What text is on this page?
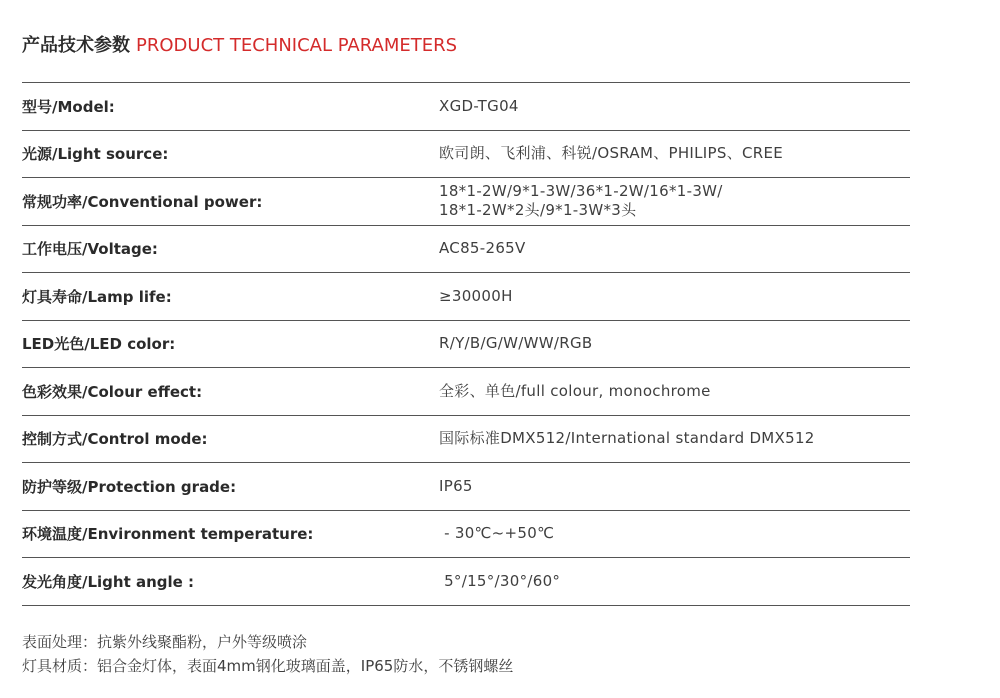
产品技术参数 PRODUCT TECHNICAL PARAMETERS
型号/Model:	XGD-TG04
光源/Light source:	欧司朗、飞利浦、科锐/OSRAM、PHILIPS、CREE
常规功率/Conventional power:
18*1-2W/9*1-3W/36*1-2W/16*1-3W/
18*1-2W*2头/9*1-3W*3头
工作电压/Voltage:	AC85-265V
灯具寿命/Lamp life:	≥30000H
LED光色/LED color:	R/Y/B/G/W/WW/RGB
色彩效果/Colour effect:	全彩、单色/full colour, monochrome
控制方式/Control mode:	国际标准DMX512/International standard DMX512
防护等级/Protection grade:	IP65
环境温度/Environment temperature:	- 30℃~+50℃
发光角度/Light angle :	5°/15°/30°/60°
表面处理：抗紫外线聚酯粉，户外等级喷涂
灯具材质：铝合金灯体，表面4mm钢化玻璃面盖，IP65防水，不锈钢螺丝
